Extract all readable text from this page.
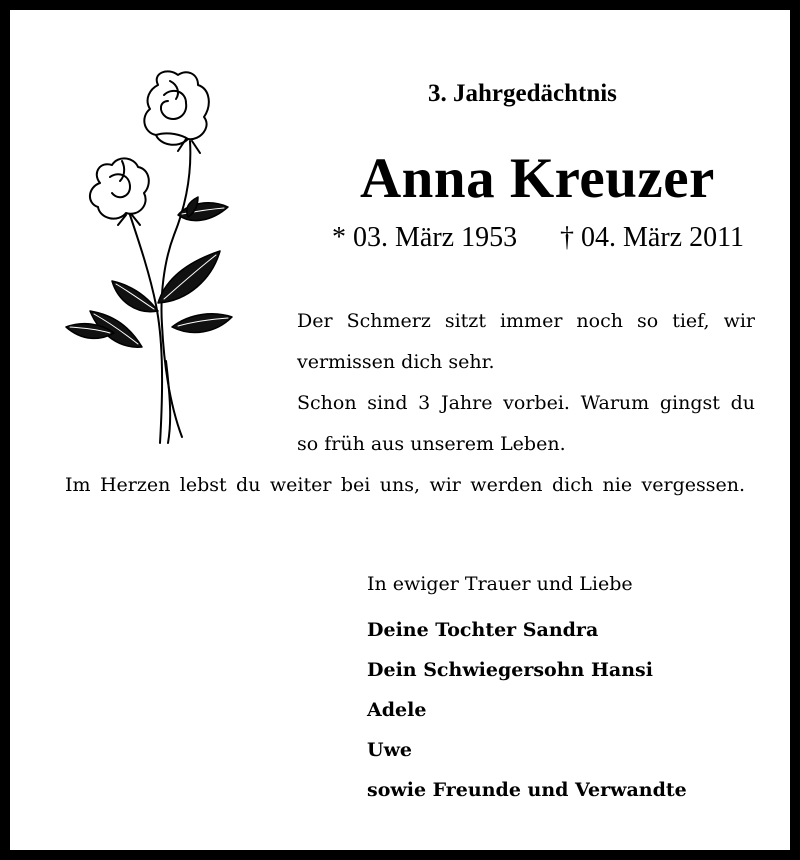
3. Jahrgedächtnis
Anna Kreuzer
* 03. März 1953 † 04. März 2011
Der Schmerz sitzt immer noch so tief, wir
vermissen dich sehr.
Schon sind 3 Jahre vorbei. Warum gingst du
so früh aus unserem Leben.
Im Herzen lebst du weiter bei uns, wir werden dich nie vergessen.
In ewiger Trauer und Liebe
Deine Tochter Sandra
Dein Schwiegersohn Hansi
Adele
Uwe
sowie Freunde und Verwandte
